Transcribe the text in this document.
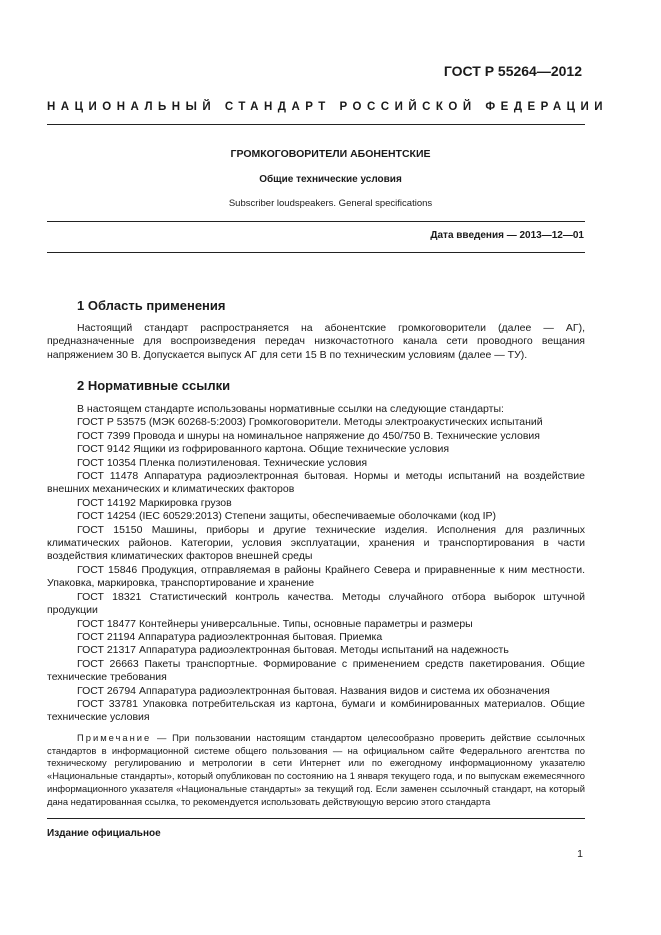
ГОСТ Р 55264—2012
НАЦИОНАЛЬНЫЙ СТАНДАРТ РОССИЙСКОЙ ФЕДЕРАЦИИ
ГРОМКОГОВОРИТЕЛИ АБОНЕНТСКИЕ
Общие технические условия
Subscriber loudspeakers. General specifications
Дата введения — 2013—12—01
1 Область применения

Настоящий стандарт распространяется на абонентские громкоговорители (далее — АГ), предназначенные для воспроизведения передач низкочастотного канала сети проводного вещания напряжением 30 В. Допускается выпуск АГ для сети 15 В по техническим условиям (далее — ТУ).

2 Нормативные ссылки

В настоящем стандарте использованы нормативные ссылки на следующие стандарты:

ГОСТ Р 53575 (МЭК 60268-5:2003) Громкоговорители. Методы электроакустических испытаний

ГОСТ 7399 Провода и шнуры на номинальное напряжение до 450/750 В. Технические условия

ГОСТ 9142 Ящики из гофрированного картона. Общие технические условия

ГОСТ 10354 Пленка полиэтиленовая. Технические условия

ГОСТ 11478 Аппаратура радиоэлектронная бытовая. Нормы и методы испытаний на воздействие внешних механических и климатических факторов

ГОСТ 14192 Маркировка грузов

ГОСТ 14254 (IEC 60529:2013) Степени защиты, обеспечиваемые оболочками (код IP)

ГОСТ 15150 Машины, приборы и другие технические изделия. Исполнения для различных климатических районов. Категории, условия эксплуатации, хранения и транспортирования в части воздействия климатических факторов внешней среды

ГОСТ 15846 Продукция, отправляемая в районы Крайнего Севера и приравненные к ним местности. Упаковка, маркировка, транспортирование и хранение

ГОСТ 18321 Статистический контроль качества. Методы случайного отбора выборок штучной продукции

ГОСТ 18477 Контейнеры универсальные. Типы, основные параметры и размеры

ГОСТ 21194 Аппаратура радиоэлектронная бытовая. Приемка

ГОСТ 21317 Аппаратура радиоэлектронная бытовая. Методы испытаний на надежность

ГОСТ 26663 Пакеты транспортные. Формирование с применением средств пакетирования. Общие технические требования

ГОСТ 26794 Аппаратура радиоэлектронная бытовая. Названия видов и система их обозначения

ГОСТ 33781 Упаковка потребительская из картона, бумаги и комбинированных материалов. Общие технические условия

Примечание — При пользовании настоящим стандартом целесообразно проверить действие ссылочных стандартов в информационной системе общего пользования — на официальном сайте Федерального агентства по техническому регулированию и метрологии в сети Интернет или по ежегодному информационному указателю «Национальные стандарты», который опубликован по состоянию на 1 января текущего года, и по выпускам ежемесячного информационного указателя «Национальные стандарты» за текущий год. Если заменен ссылочный стандарт, на который дана недатированная ссылка, то рекомендуется использовать действующую версию этого стандарта

Издание официальное
1
